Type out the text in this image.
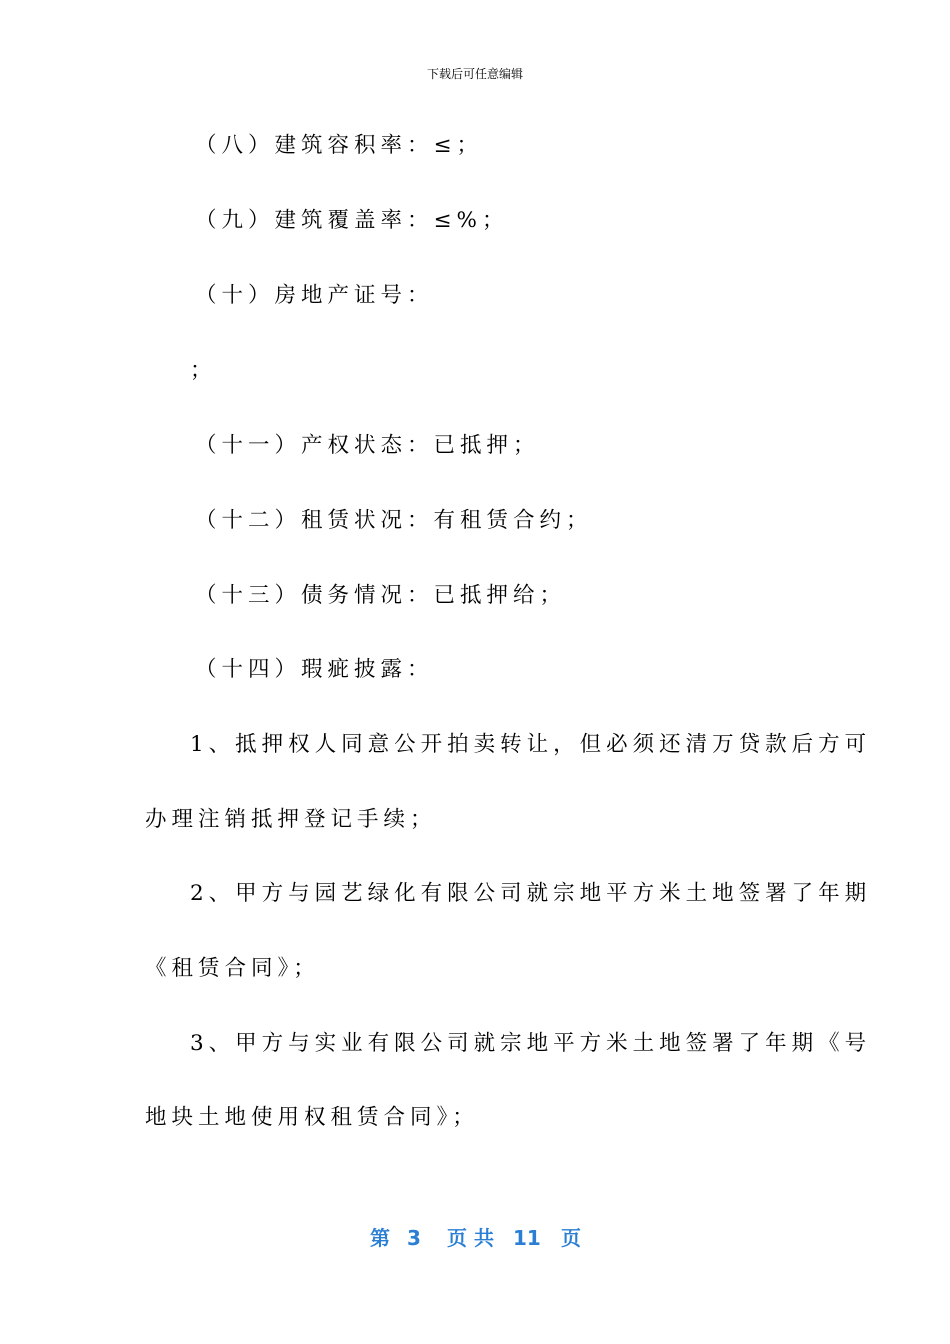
下载后可任意编辑
（八）建筑容积率：≤；
（九）建筑覆盖率：≤%；
（十）房地产证号：
；
（十一）产权状态：已抵押；
（十二）租赁状况：有租赁合约；
（十三）债务情况：已抵押给；
（十四）瑕疵披露：
1、抵押权人同意公开拍卖转让，但必须还清万贷款后方可
办理注销抵押登记手续；
2、甲方与园艺绿化有限公司就宗地平方米土地签署了年期
《租赁合同》；
3、甲方与实业有限公司就宗地平方米土地签署了年期《号
地块土地使用权租赁合同》；
第 3 页 共 11 页
